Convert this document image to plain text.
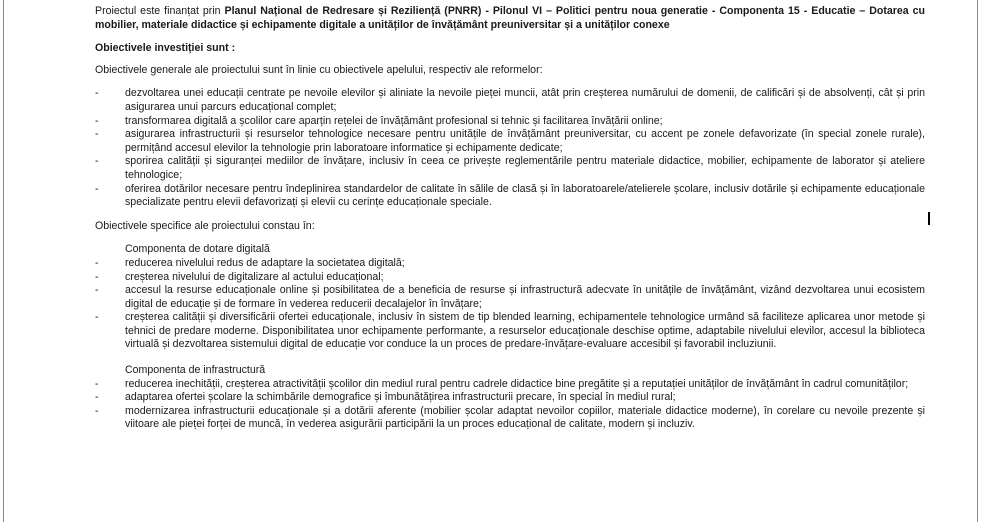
Proiectul este finanțat prin Planul Național de Redresare și Reziliență (PNRR) - Pilonul VI – Politici pentru noua generatie - Componenta 15 - Educatie – Dotarea cu mobilier, materiale didactice și echipamente digitale a unităților de învățământ preuniversitar și a unităților conexe

Obiectivele investiției sunt :

Obiectivele generale ale proiectului sunt în linie cu obiectivele apelului, respectiv ale reformelor:

- dezvoltarea unei educații centrate pe nevoile elevilor și aliniate la nevoile pieței muncii, atât prin creșterea numărului de domenii, de calificări și de absolvenți, cât și prin asigurarea unui parcurs educațional complet;
- transformarea digitală a școlilor care aparțin rețelei de învățământ profesional si tehnic și facilitarea învățării online;
- asigurarea infrastructurii și resurselor tehnologice necesare pentru unitățile de învățământ preuniversitar, cu accent pe zonele defavorizate (în special zonele rurale), permițând accesul elevilor la tehnologie prin laboratoare informatice și echipamente dedicate;
- sporirea calității și siguranței mediilor de învățare, inclusiv în ceea ce privește reglementările pentru materiale didactice, mobilier, echipamente de laborator și ateliere tehnologice;
- oferirea dotărilor necesare pentru îndeplinirea standardelor de calitate în sălile de clasă și în laboratoarele/atelierele școlare, inclusiv dotările și echipamente educaționale specializate pentru elevii defavorizați și elevii cu cerințe educaționale speciale.

Obiectivele specifice ale proiectului constau în:

Componenta de dotare digitală

- reducerea nivelului redus de adaptare la societatea digitală;
- creșterea nivelului de digitalizare al actului educațional;
- accesul la resurse educaționale online și posibilitatea de a beneficia de resurse și infrastructură adecvate în unitățile de învățământ, vizând dezvoltarea unui ecosistem digital de educație și de formare în vederea reducerii decalajelor în învățare;
- creșterea calității și diversificării ofertei educaționale, inclusiv în sistem de tip blended learning, echipamentele tehnologice urmând să faciliteze aplicarea unor metode și tehnici de predare moderne. Disponibilitatea unor echipamente performante, a resurselor educaționale deschise optime, adaptabile nivelului elevilor, accesul la biblioteca virtuală și dezvoltarea sistemului digital de educație vor conduce la un proces de predare-învățare-evaluare accesibil și favorabil incluziunii.

Componenta de infrastructură

- reducerea inechității, creșterea atractivității școlilor din mediul rural pentru cadrele didactice bine pregătite și a reputației unităților de învățământ în cadrul comunităților;
- adaptarea ofertei școlare la schimbările demografice și îmbunătățirea infrastructurii precare, în special în mediul rural;
- modernizarea infrastructurii educaționale și a dotării aferente (mobilier școlar adaptat nevoilor copiilor, materiale didactice moderne), în corelare cu nevoile prezente și viitoare ale pieței forței de muncă, în vederea asigurării participării la un proces educațional de calitate, modern și incluziv.
